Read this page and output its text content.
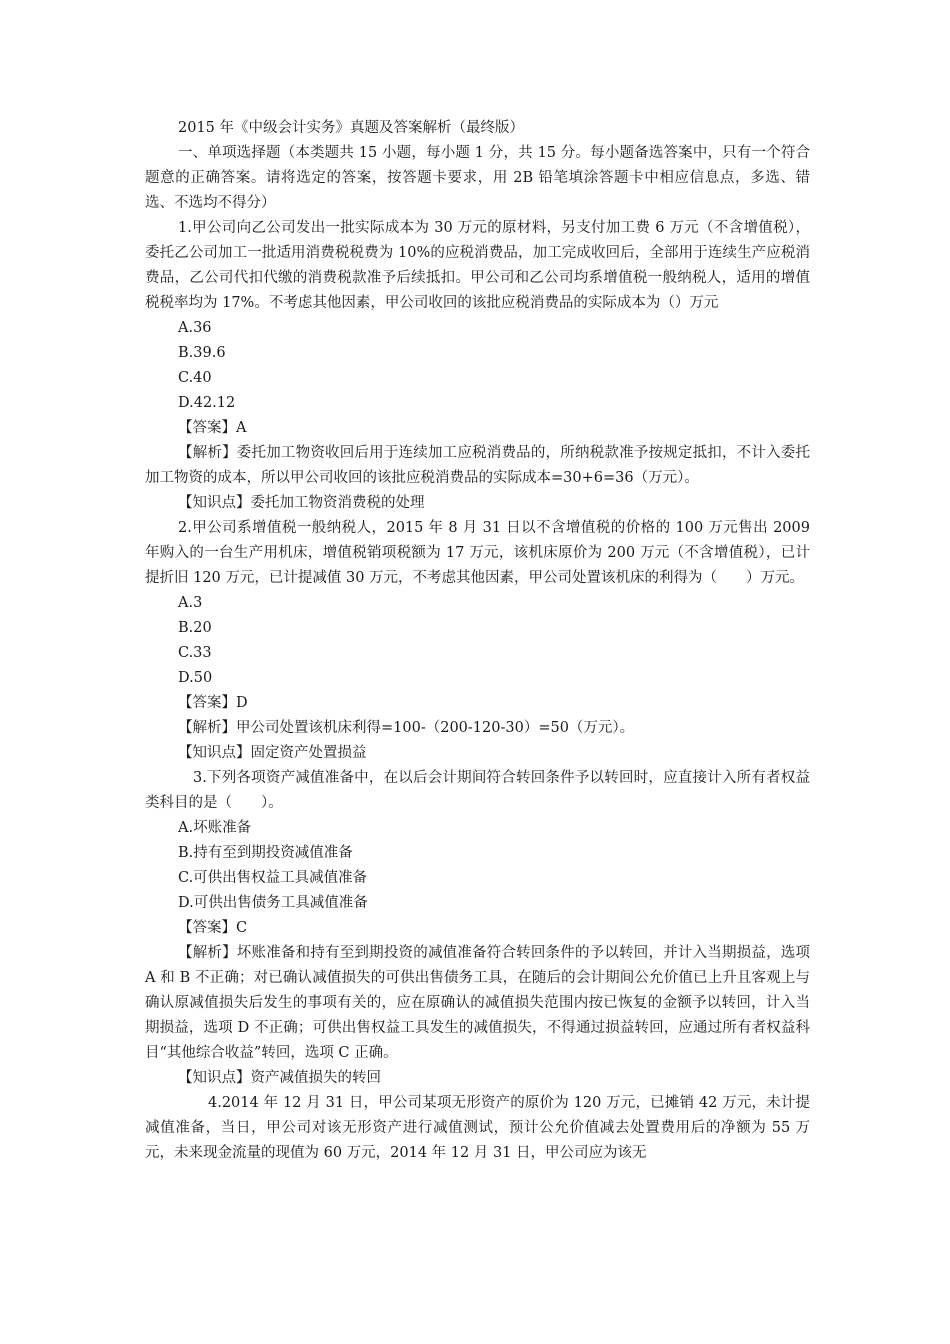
2015 年《中级会计实务》真题及答案解析（最终版）

一、单项选择题（本类题共 15 小题，每小题 1 分，共 15 分。每小题备选答案中，只有一个符合题意的正确答案。请将选定的答案，按答题卡要求，用 2B 铅笔填涂答题卡中相应信息点，多选、错选、不选均不得分）

1.甲公司向乙公司发出一批实际成本为 30 万元的原材料，另支付加工费 6 万元（不含增值税），委托乙公司加工一批适用消费税税费为 10%的应税消费品，加工完成收回后，全部用于连续生产应税消费品，乙公司代扣代缴的消费税款准予后续抵扣。甲公司和乙公司均系增值税一般纳税人，适用的增值税税率均为 17%。不考虑其他因素，甲公司收回的该批应税消费品的实际成本为（）万元

A.36

B.39.6

C.40

D.42.12

【答案】A

【解析】委托加工物资收回后用于连续加工应税消费品的，所纳税款准予按规定抵扣，不计入委托加工物资的成本，所以甲公司收回的该批应税消费品的实际成本=30+6=36（万元）。

【知识点】委托加工物资消费税的处理

2.甲公司系增值税一般纳税人，2015 年 8 月 31 日以不含增值税的价格的 100 万元售出 2009 年购入的一台生产用机床，增值税销项税额为 17 万元，该机床原价为 200 万元（不含增值税），已计提折旧 120 万元，已计提减值 30 万元，不考虑其他因素，甲公司处置该机床的利得为（　　）万元。

A.3

B.20

C.33

D.50

【答案】D

【解析】甲公司处置该机床利得=100-（200-120-30）=50（万元）。

【知识点】固定资产处置损益

3.下列各项资产减值准备中，在以后会计期间符合转回条件予以转回时，应直接计入所有者权益类科目的是（　　）。

A.坏账准备

B.持有至到期投资减值准备

C.可供出售权益工具减值准备

D.可供出售债务工具减值准备

【答案】C

【解析】坏账准备和持有至到期投资的减值准备符合转回条件的予以转回，并计入当期损益，选项 A 和 B 不正确；对已确认减值损失的可供出售债务工具，在随后的会计期间公允价值已上升且客观上与确认原减值损失后发生的事项有关的，应在原确认的减值损失范围内按已恢复的金额予以转回，计入当期损益，选项 D 不正确；可供出售权益工具发生的减值损失，不得通过损益转回，应通过所有者权益科目“其他综合收益”转回，选项 C 正确。

【知识点】资产减值损失的转回

4.2014 年 12 月 31 日，甲公司某项无形资产的原价为 120 万元，已摊销 42 万元，未计提减值准备，当日，甲公司对该无形资产进行减值测试，预计公允价值减去处置费用后的净额为 55 万元，未来现金流量的现值为 60 万元，2014 年 12 月 31 日，甲公司应为该无
